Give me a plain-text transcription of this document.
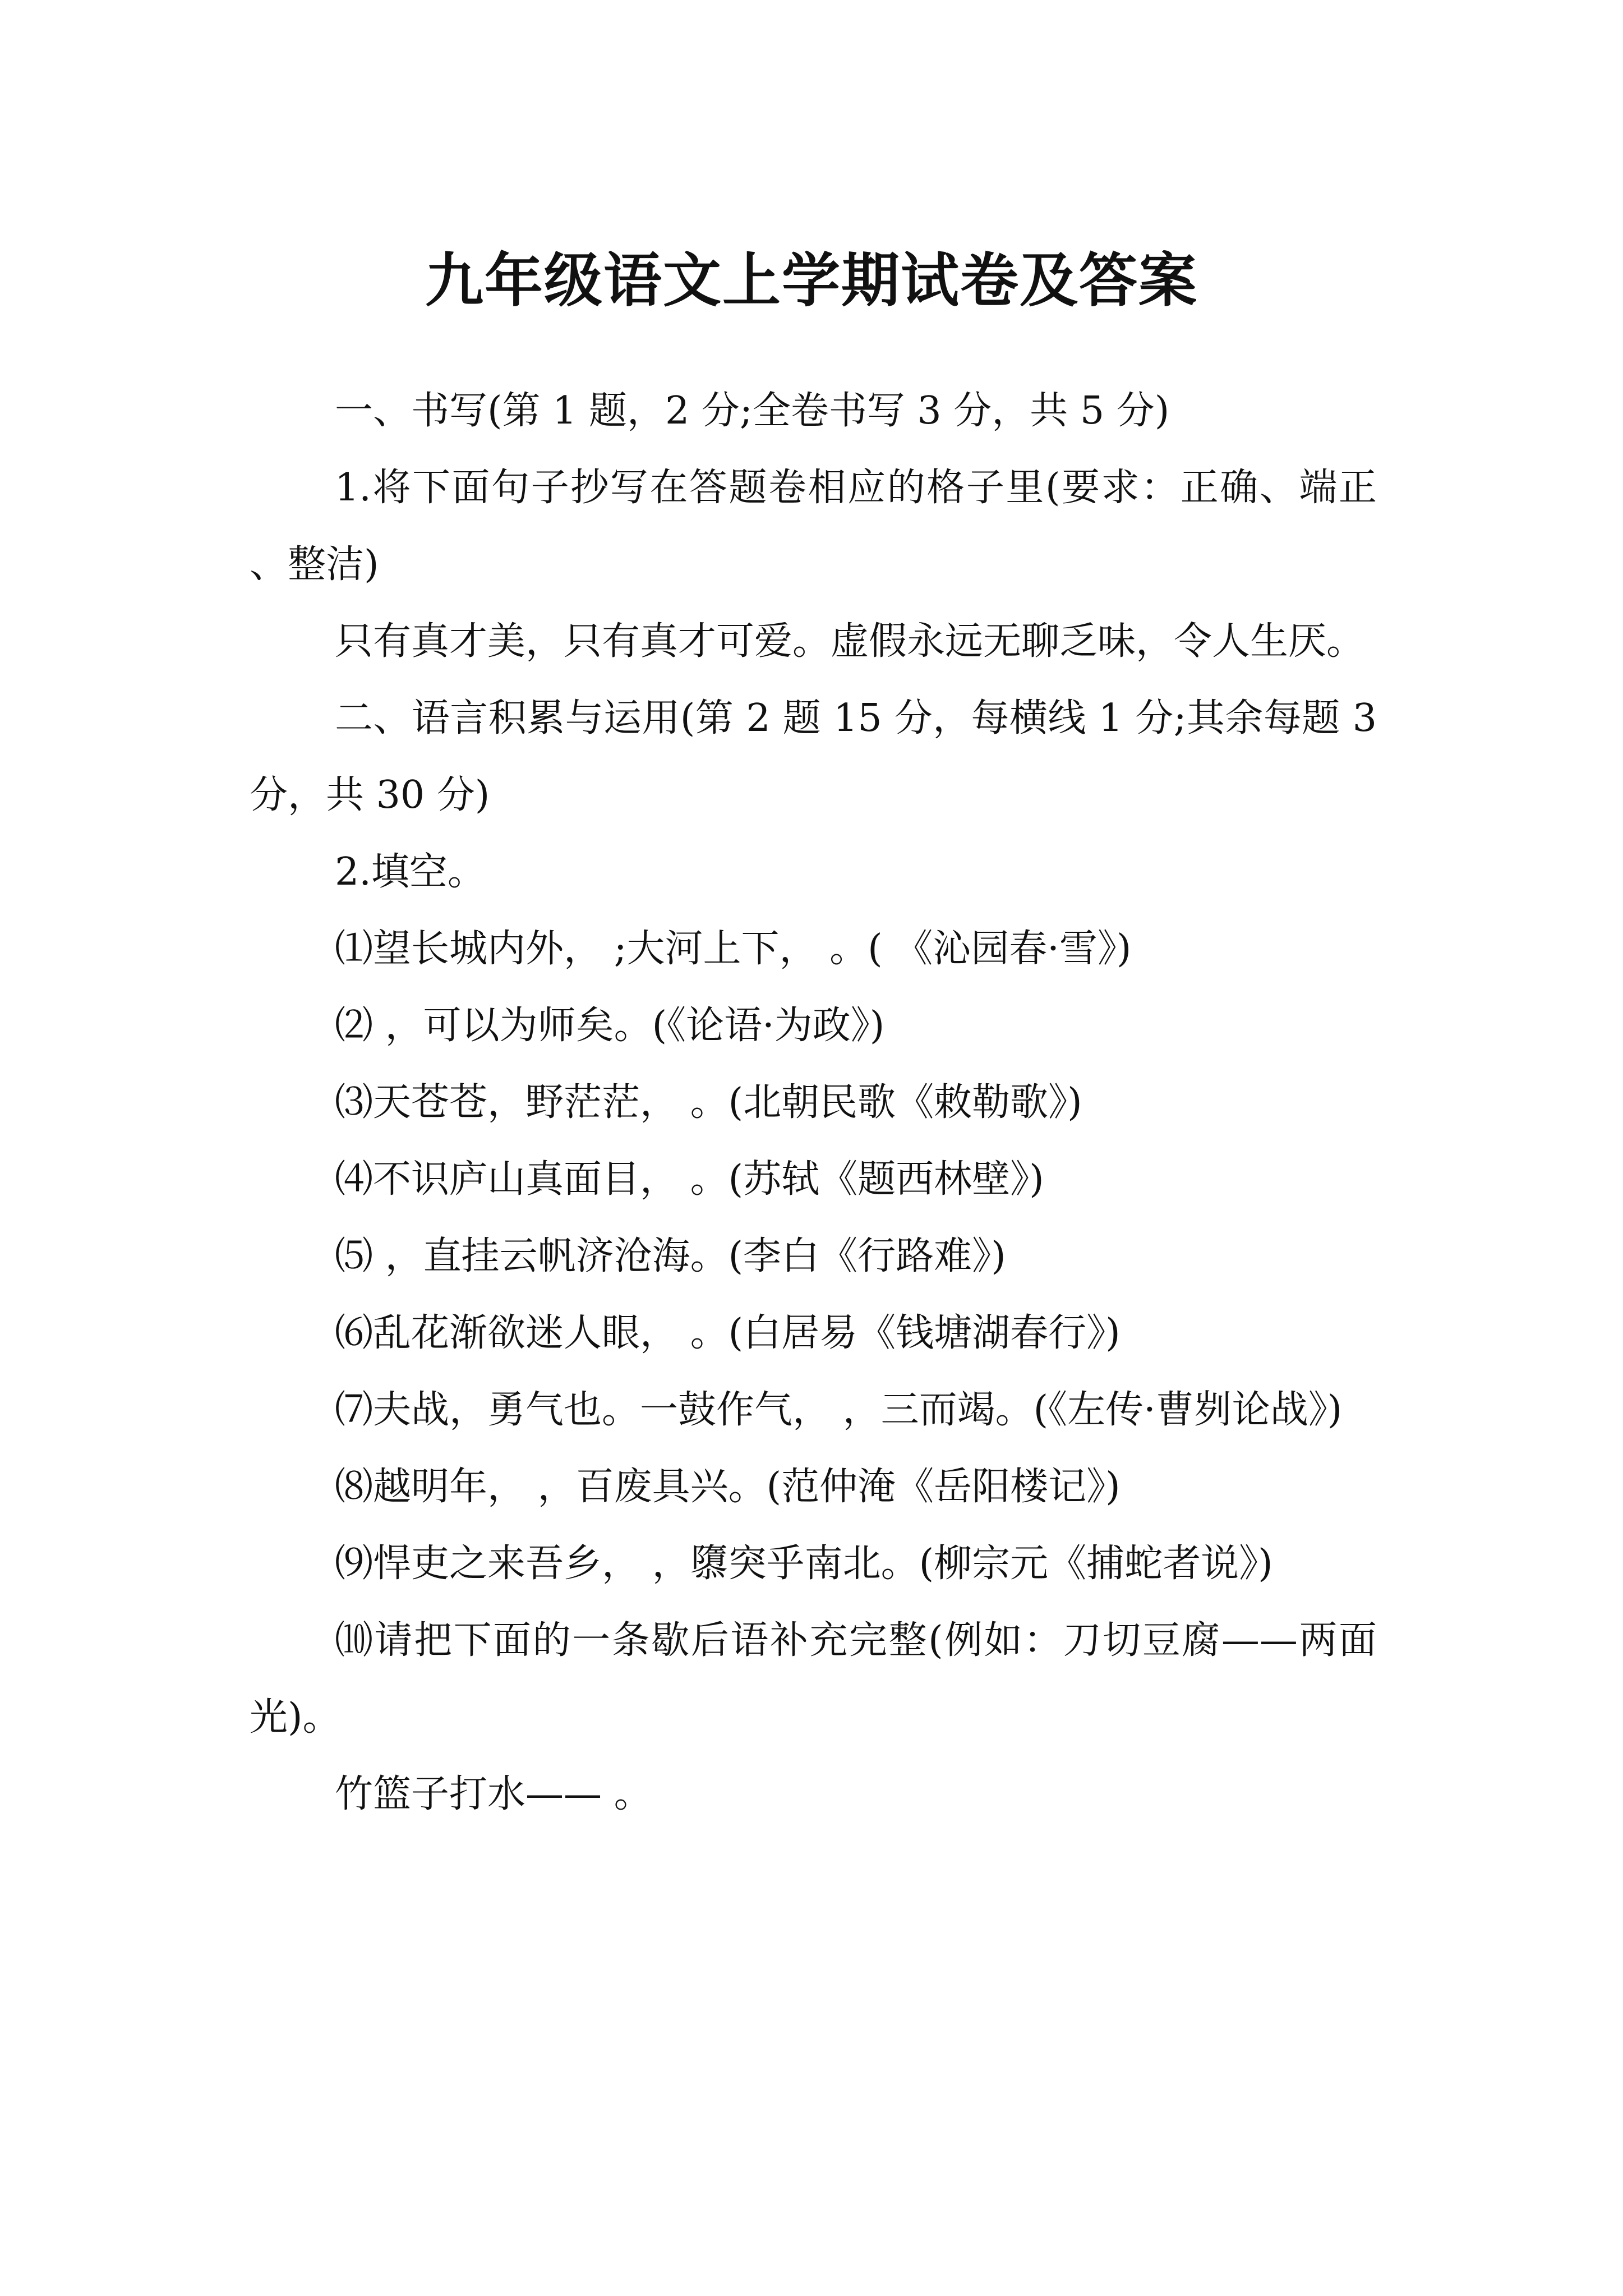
九年级语文上学期试卷及答案

一、书写(第 1 题，2 分;全卷书写 3 分，共 5 分)

1.将下面句子抄写在答题卷相应的格子里(要求：正确、端正、整洁)

只有真才美，只有真才可爱。虚假永远无聊乏味，令人生厌。

二、语言积累与运用(第 2 题 15 分，每横线 1 分;其余每题 3 分，共 30 分)

2.填空。

⑴望长城内外， ;大河上下， 。( 《沁园春·雪》)

⑵ ，可以为师矣。(《论语·为政》)

⑶天苍苍，野茫茫， 。(北朝民歌《敕勒歌》)

⑷不识庐山真面目， 。(苏轼《题西林壁》)

⑸ ，直挂云帆济沧海。(李白《行路难》)

⑹乱花渐欲迷人眼， 。(白居易《钱塘湖春行》)

⑺夫战，勇气也。一鼓作气， ，三而竭。(《左传·曹刿论战》)

⑻越明年， ，百废具兴。(范仲淹《岳阳楼记》)

⑼悍吏之来吾乡， ，隳突乎南北。(柳宗元《捕蛇者说》)

⑽请把下面的一条歇后语补充完整(例如：刀切豆腐——两面光)。

竹篮子打水—— 。
